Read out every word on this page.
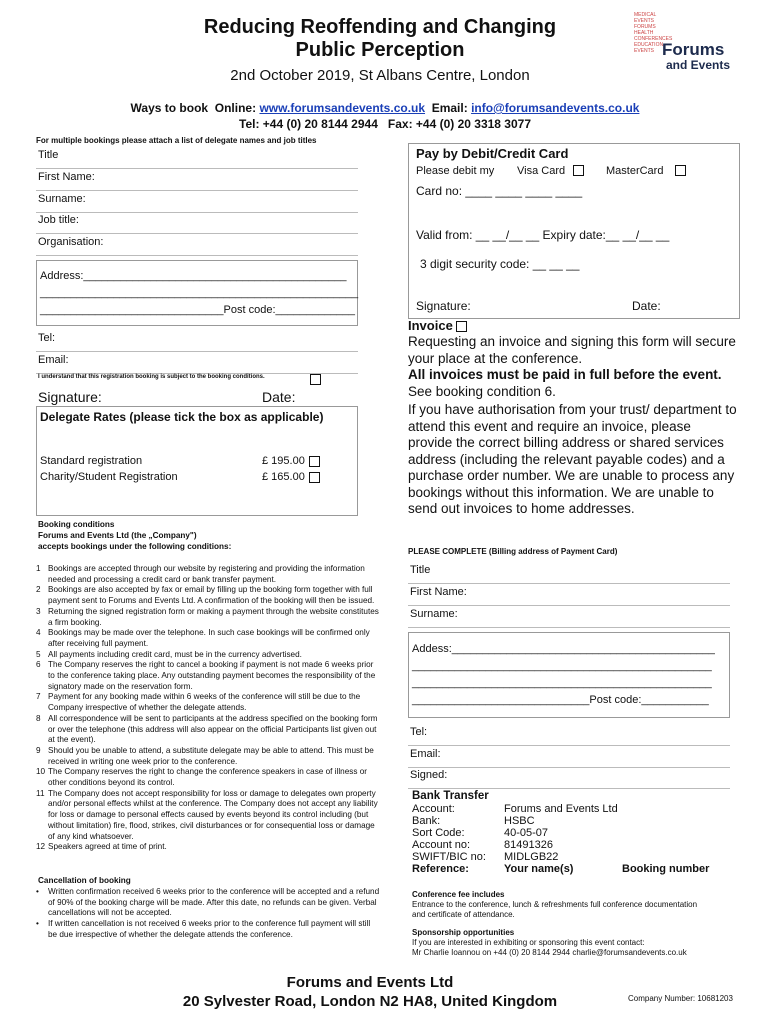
Reducing Reoffending and Changing
Public Perception
2nd October 2019, St Albans Centre, London
MEDICAL
EVENTS
FORUMS
HEALTH
CONFERENCES
EDUCATION
EVENTS Forums
and Events
Ways to book Online: www.forumsandevents.co.uk Email: info@forumsandevents.co.uk
Tel: +44 (0) 20 8144 2944 Fax: +44 (0) 20 3318 3077
For multiple bookings please attach a list of delegate names and job titles
Title
First Name:
Surname:
Job title:
Organisation:
Address:___________________________________________
____________________________________________________
______________________________Post code:_____________
Tel:
Email:
I understand that this registration booking is subject to the booking conditions.
Signature:	Date:
Delegate Rates (please tick the box as applicable)
Standard registration	£ 195.00
Charity/Student Registration	£ 165.00
Booking conditions
Forums and Events Ltd (the „Company")
accepts bookings under the following conditions:
1 Bookings are accepted through our website by registering and providing the information needed and processing a credit card or bank transfer payment.
2 Bookings are also accepted by fax or email by filling up the booking form together with full payment sent to Forums and Events Ltd. A confirmation of the booking will then be issued.
3 Returning the signed registration form or making a payment through the website constitutes a firm booking.
4 Bookings may be made over the telephone. In such case bookings will be confirmed only after receiving full payment.
5 All payments including credit card, must be in the currency advertised.
6 The Company reserves the right to cancel a booking if payment is not made 6 weeks prior to the conference taking place. Any outstanding payment becomes the responsibility of the signatory made on the reservation form.
7 Payment for any booking made within 6 weeks of the conference will still be due to the Company irrespective of whether the delegate attends.
8 All correspondence will be sent to participants at the address specified on the booking form or over the telephone (this address will also appear on the official Participants list given out at the event).
9 Should you be unable to attend, a substitute delegate may be able to attend. This must be received in writing one week prior to the conference.
10 The Company reserves the right to change the conference speakers in case of illness or other conditions beyond its control.
11 The Company does not accept responsibility for loss or damage to delegates own property and/or personal effects whilst at the conference. The Company does not accept any liability for loss or damage to personal effects caused by events beyond its control including (but without limitation) fire, flood, strikes, civil disturbances or for consequential loss or damage of any kind whatsoever.
12 Speakers agreed at time of print.
Cancellation of booking
• Written confirmation received 6 weeks prior to the conference will be accepted and a refund of 90% of the booking charge will be made. After this date, no refunds can be given. Verbal cancellations will not be accepted.
• If written cancellation is not received 6 weeks prior to the conference full payment will still be due irrespective of whether the delegate attends the conference.
Pay by Debit/Credit Card
Please debit my Visa Card	MasterCard
Card no: ____ ____ ____ ____
Valid from: __ __/__ __ Expiry date:__ __/__ __
3 digit security code: __ __ __
Signature:	Date:
Invoice
Requesting an invoice and signing this form will secure your place at the conference.
All invoices must be paid in full before the event.
See booking condition 6.
If you have authorisation from your trust/ department to attend this event and require an invoice, please provide the correct billing address or shared services address (including the relevant payable codes) and a purchase order number. We are unable to process any bookings without this information. We are unable to send out invoices to home addresses.
PLEASE COMPLETE (Billing address of Payment Card)
Title
First Name:
Surname:
Addess:___________________________________________
_________________________________________________
_________________________________________________
_____________________________Post code:___________
Tel:
Email:
Signed:
Bank Transfer
Account:	Forums and Events Ltd
Bank:	HSBC
Sort Code:	40-05-07
Account no:	81491326
SWIFT/BIC no: MIDLGB22
Reference:	Your name(s)	Booking number
Conference fee includes
Entrance to the conference, lunch & refreshments full conference documentation and certificate of attendance.
Sponsorship opportunities
If you are interested in exhibiting or sponsoring this event contact:
Mr Charlie Ioannou on +44 (0) 20 8144 2944 charlie@forumsandevents.co.uk
Forums and Events Ltd
20 Sylvester Road, London N2 HA8, United Kingdom	Company Number: 10681203
